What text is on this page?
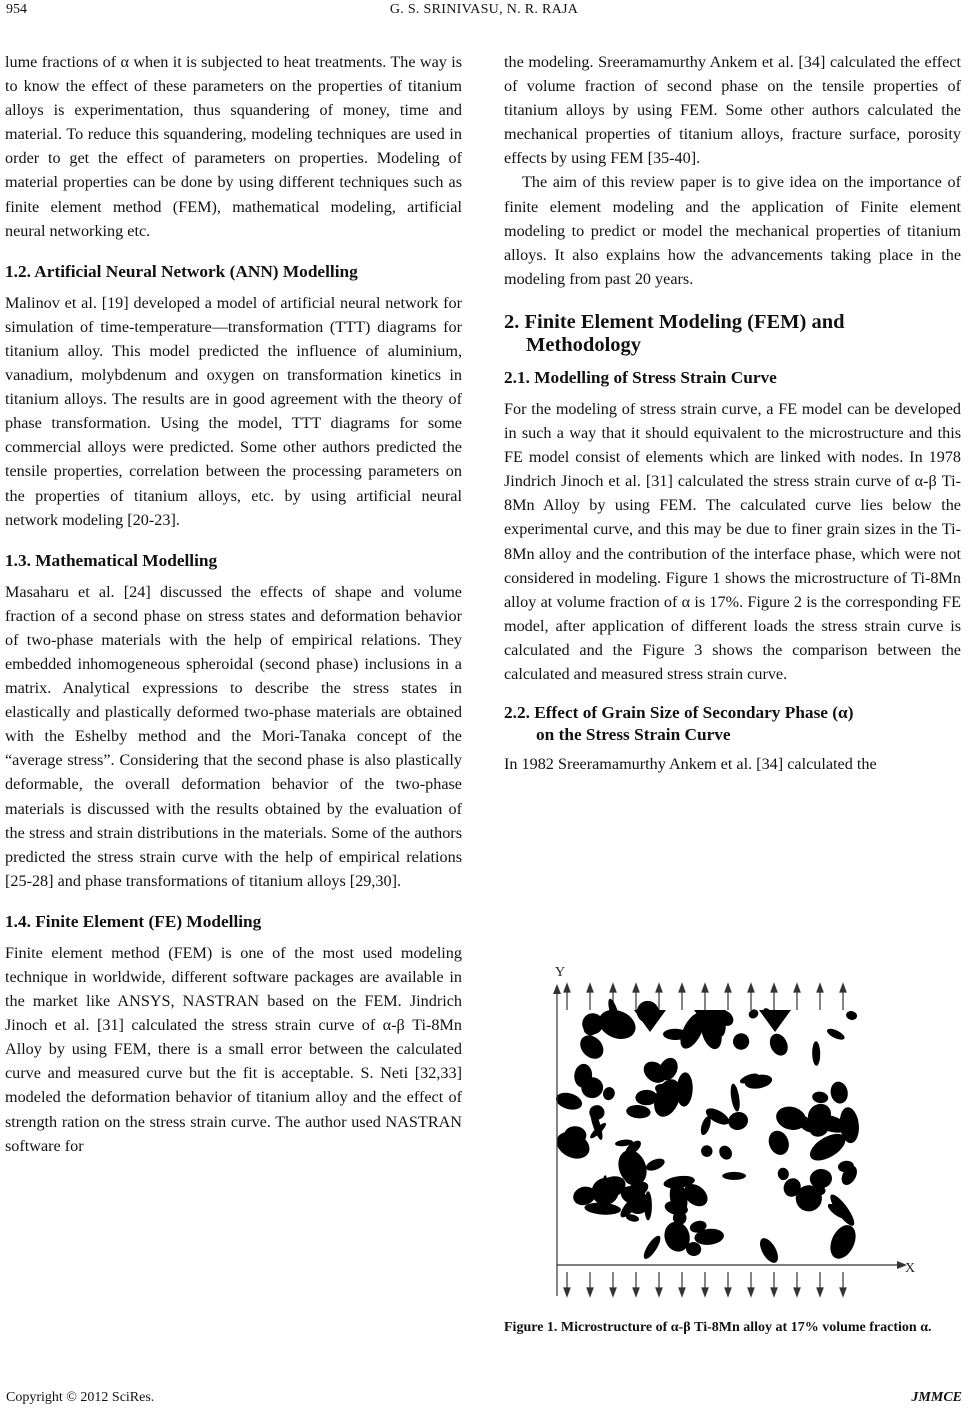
954	G. S. SRINIVASU, N. R. RAJA

lume fractions of α when it is subjected to heat treatments. The way is to know the effect of these parameters on the properties of titanium alloys is experimentation, thus squandering of money, time and material. To reduce this squandering, modeling techniques are used in order to get the effect of parameters on properties. Modeling of material properties can be done by using different techniques such as finite element method (FEM), mathematical modeling, artificial neural networking etc.

1.2. Artificial Neural Network (ANN) Modelling

Malinov et al. [19] developed a model of artificial neural network for simulation of time-temperature—transformation (TTT) diagrams for titanium alloy. This model predicted the influence of aluminium, vanadium, molybdenum and oxygen on transformation kinetics in titanium alloys. The results are in good agreement with the theory of phase transformation. Using the model, TTT diagrams for some commercial alloys were predicted. Some other authors predicted the tensile properties, correlation between the processing parameters on the properties of titanium alloys, etc. by using artificial neural network modeling [20-23].

1.3. Mathematical Modelling

Masaharu et al. [24] discussed the effects of shape and volume fraction of a second phase on stress states and deformation behavior of two-phase materials with the help of empirical relations. They embedded inhomogeneous spheroidal (second phase) inclusions in a matrix. Analytical expressions to describe the stress states in elastically and plastically deformed two-phase materials are obtained with the Eshelby method and the Mori-Tanaka concept of the “average stress”. Considering that the second phase is also plastically deformable, the overall deformation behavior of the two-phase materials is discussed with the results obtained by the evaluation of the stress and strain distributions in the materials. Some of the authors predicted the stress strain curve with the help of empirical relations [25-28] and phase transformations of titanium alloys [29,30].

1.4. Finite Element (FE) Modelling

Finite element method (FEM) is one of the most used modeling technique in worldwide, different software packages are available in the market like ANSYS, NASTRAN based on the FEM. Jindrich Jinoch et al. [31] calculated the stress strain curve of α-β Ti-8Mn Alloy by using FEM, there is a small error between the calculated curve and measured curve but the fit is acceptable. S. Neti [32,33] modeled the deformation behavior of titanium alloy and the effect of strength ration on the stress strain curve. The author used NASTRAN software for

the modeling. Sreeramamurthy Ankem et al. [34] calculated the effect of volume fraction of second phase on the tensile properties of titanium alloys by using FEM. Some other authors calculated the mechanical properties of titanium alloys, fracture surface, porosity effects by using FEM [35-40].

The aim of this review paper is to give idea on the importance of finite element modeling and the application of Finite element modeling to predict or model the mechanical properties of titanium alloys. It also explains how the advancements taking place in the modeling from past 20 years.

2. Finite Element Modeling (FEM) and
Methodology
2.1. Modelling of Stress Strain Curve

For the modeling of stress strain curve, a FE model can be developed in such a way that it should equivalent to the microstructure and this FE model consist of elements which are linked with nodes. In 1978 Jindrich Jinoch et al. [31] calculated the stress strain curve of α-β Ti-8Mn Alloy by using FEM. The calculated curve lies below the experimental curve, and this may be due to finer grain sizes in the Ti-8Mn alloy and the contribution of the interface phase, which were not considered in modeling. Figure 1 shows the microstructure of Ti-8Mn alloy at volume fraction of α is 17%. Figure 2 is the corresponding FE model, after application of different loads the stress strain curve is calculated and the Figure 3 shows the comparison between the calculated and measured stress strain curve.

2.2. Effect of Grain Size of Secondary Phase (α)
on the Stress Strain Curve

In 1982 Sreeramamurthy Ankem et al. [34] calculated the

Y
X
Figure 1. Microstructure of α-β Ti-8Mn alloy at 17% volume fraction α.
Copyright © 2012 SciRes.	JMMCE
